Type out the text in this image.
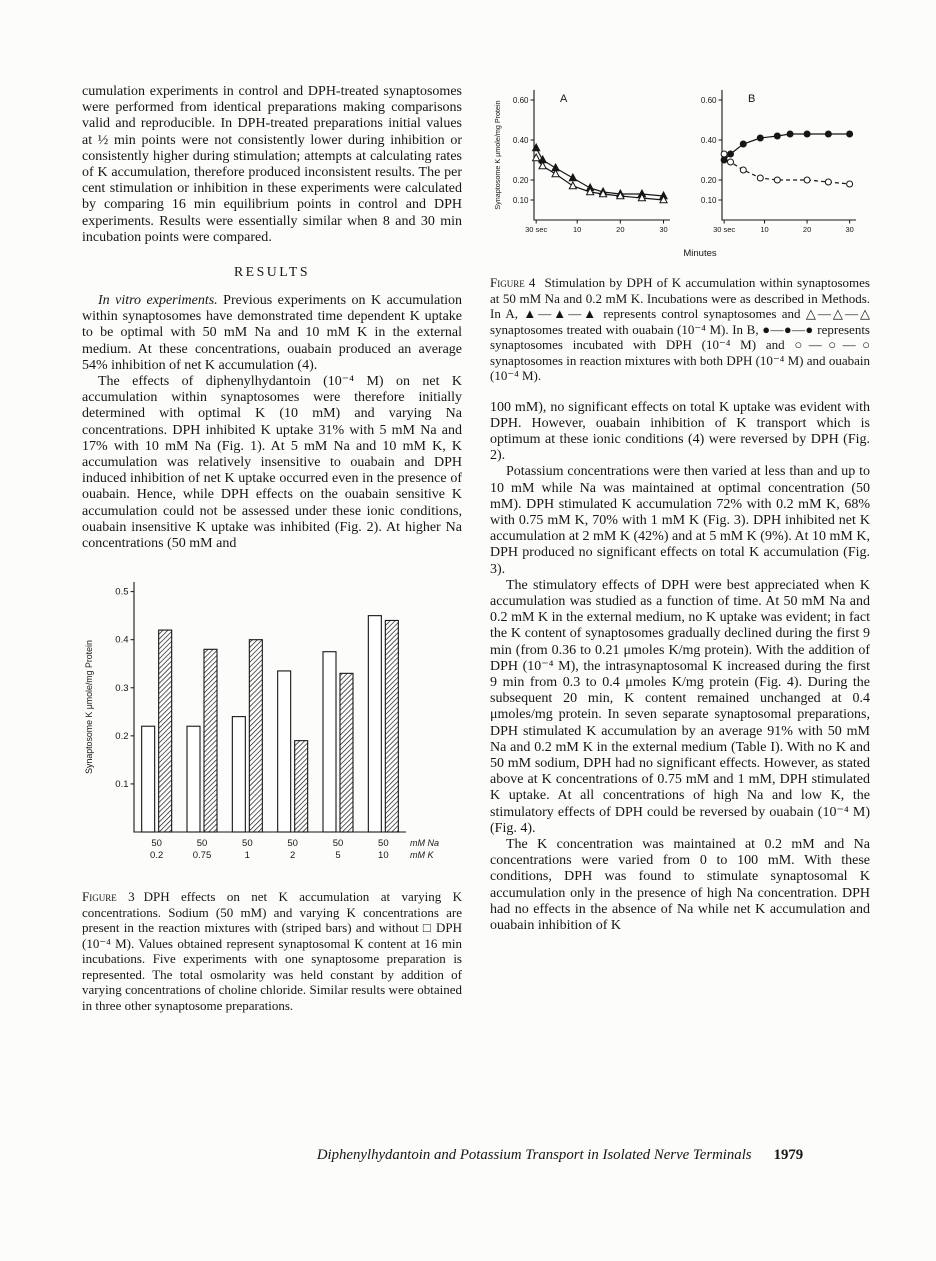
cumulation experiments in control and DPH-treated synaptosomes were performed from identical preparations making comparisons valid and reproducible. In DPH-treated preparations initial values at ½ min points were not consistently lower during inhibition or consistently higher during stimulation; attempts at calculating rates of K accumulation, therefore produced inconsistent results. The per cent stimulation or inhibition in these experiments were calculated by comparing 16 min equilibrium points in control and DPH experiments. Results were essentially similar when 8 and 30 min incubation points were compared.

RESULTS

In vitro experiments. Previous experiments on K accumulation within synaptosomes have demonstrated time dependent K uptake to be optimal with 50 mM Na and 10 mM K in the external medium. At these concentrations, ouabain produced an average 54% inhibition of net K accumulation (4).

The effects of diphenylhydantoin (10⁻⁴ M) on net K accumulation within synaptosomes were therefore initially determined with optimal K (10 mM) and varying Na concentrations. DPH inhibited K uptake 31% with 5 mM Na and 17% with 10 mM Na (Fig. 1). At 5 mM Na and 10 mM K, K accumulation was relatively insensitive to ouabain and DPH induced inhibition of net K uptake occurred even in the presence of ouabain. Hence, while DPH effects on the ouabain sensitive K accumulation could not be assessed under these ionic conditions, ouabain insensitive K uptake was inhibited (Fig. 2). At higher Na concentrations (50 mM and

0.1
0.2
0.3
0.4
0.5
Synaptosome K μmole/mg Protein
50
0.2
50
0.75
50
1
50
2
50
5
50
10
mM Na
mM K

Figure 3 DPH effects on net K accumulation at varying K concentrations. Sodium (50 mM) and varying K concentrations are present in the reaction mixtures with (striped bars) and without □ DPH (10⁻⁴ M). Values obtained represent synaptosomal K content at 16 min incubations. Five experiments with one synaptosome preparation is represented. The total osmolarity was held constant by addition of varying concentrations of choline chloride. Similar results were obtained in three other synaptosome preparations.

0.10
0.20
0.40
0.60
30 sec	10	20	30
Synaptosome K μmole/mg Protein
A
0.10
0.20
0.40
0.60
30 sec	10	20	30
B
Minutes

Figure 4 Stimulation by DPH of K accumulation within synaptosomes at 50 mM Na and 0.2 mM K. Incubations were as described in Methods. In A, ▲—▲—▲ represents control synaptosomes and △—△—△ synaptosomes treated with ouabain (10⁻⁴ M). In B, ●—●—● represents synaptosomes incubated with DPH (10⁻⁴ M) and ○—○—○ synaptosomes in reaction mixtures with both DPH (10⁻⁴ M) and ouabain (10⁻⁴ M).

100 mM), no significant effects on total K uptake was evident with DPH. However, ouabain inhibition of K transport which is optimum at these ionic conditions (4) were reversed by DPH (Fig. 2).

Potassium concentrations were then varied at less than and up to 10 mM while Na was maintained at optimal concentration (50 mM). DPH stimulated K accumulation 72% with 0.2 mM K, 68% with 0.75 mM K, 70% with 1 mM K (Fig. 3). DPH inhibited net K accumulation at 2 mM K (42%) and at 5 mM K (9%). At 10 mM K, DPH produced no significant effects on total K accumulation (Fig. 3).

The stimulatory effects of DPH were best appreciated when K accumulation was studied as a function of time. At 50 mM Na and 0.2 mM K in the external medium, no K uptake was evident; in fact the K content of synaptosomes gradually declined during the first 9 min (from 0.36 to 0.21 μmoles K/mg protein). With the addition of DPH (10⁻⁴ M), the intrasynaptosomal K increased during the first 9 min from 0.3 to 0.4 μmoles K/mg protein (Fig. 4). During the subsequent 20 min, K content remained unchanged at 0.4 μmoles/mg protein. In seven separate synaptosomal preparations, DPH stimulated K accumulation by an average 91% with 50 mM Na and 0.2 mM K in the external medium (Table I). With no K and 50 mM sodium, DPH had no significant effects. However, as stated above at K concentrations of 0.75 mM and 1 mM, DPH stimulated K uptake. At all concentrations of high Na and low K, the stimulatory effects of DPH could be reversed by ouabain (10⁻⁴ M) (Fig. 4).

The K concentration was maintained at 0.2 mM and Na concentrations were varied from 0 to 100 mM. With these conditions, DPH was found to stimulate synaptosomal K accumulation only in the presence of high Na concentration. DPH had no effects in the absence of Na while net K accumulation and ouabain inhibition of K

Diphenylhydantoin and Potassium Transport in Isolated Nerve Terminals 1979
